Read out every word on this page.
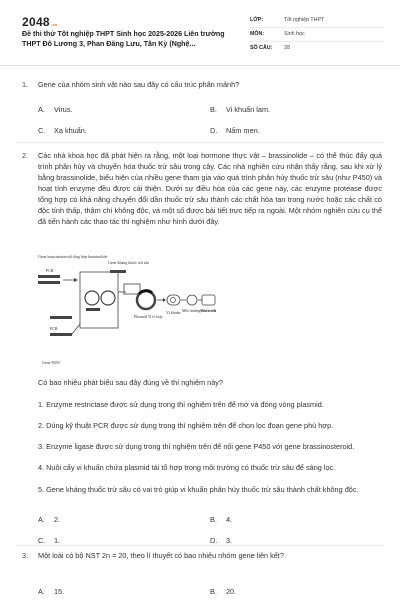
2048.vn
Đề thi thử Tốt nghiệp THPT Sinh học 2025-2026 Liên trường THPT Đô Lương 3, Phan Đăng Lưu, Tân Kỳ (Nghệ...
LỚP:	Tốt nghiệp THPT
MÔN:	Sinh học
SỐ CÂU:	28
1.	Gene của nhóm sinh vật nào sau đây có cấu trúc phân mảnh?
A.	Virus.	B.	Vi khuẩn lam.
C.	Xạ khuẩn.	D.	Nấm men.
2.	Các nhà khoa học đã phát hiện ra rằng, một loại hormone thực vật – brassinolide – có thể thúc đẩy quá trình phân hủy và chuyển hóa thuốc trừ sâu trong cây. Các nhà nghiên cứu nhận thấy rằng, sau khi xử lý bằng brassinolide, biểu hiện của nhiều gene tham gia vào quá trình phân hủy thuốc trừ sâu (như P450) và hoạt tính enzyme đều được cải thiện. Dưới sự điều hòa của các gene này, các enzyme protease được tổng hợp có khả năng chuyển đổi dần thuốc trừ sâu thành các chất hòa tan trong nước hoặc các chất có độc tính thấp, thậm chí không độc, và một số được bài tiết trực tiếp ra ngoài. Một nhóm nghiên cứu cụ thể đã tiến hành các thao tác thí nghiệm như hình dưới đây.
Gene brassinosteroid tổng hợp brassinolide
PCR
Gene kháng thuốc trừ sâu
Plasmid Ti tổ hợp
PCR
Gene P450
Vi khuẩn Môi trường thuốc trừ
Môi trườ
Có bao nhiêu phát biểu sau đây đúng về thí nghiệm này?
1. Enzyme restrictase được sử dụng trong thí nghiệm trên để mở và đóng vòng plasmid.
2. Dùng kỹ thuật PCR được sử dụng trong thí nghiệm trên để chọn lọc đoạn gene phù hợp.
3. Enzyme ligase được sử dụng trong thí nghiệm trên để nối gene P450 với gene brassinosteroid.
4. Nuôi cấy vi khuẩn chứa plasmid tái tổ hợp trong môi trường có thuốc trừ sâu để sàng lọc.
5. Gene kháng thuốc trừ sâu có vai trò giúp vi khuẩn phân hủy thuốc trừ sâu thành chất không độc.
A.	2.	B.	4.
C.	1.	D.	3.
3.	Một loài có bộ NST 2n = 20, theo lí thuyết có bao nhiêu nhóm gene liên kết?
A.	15.	B.	20.
